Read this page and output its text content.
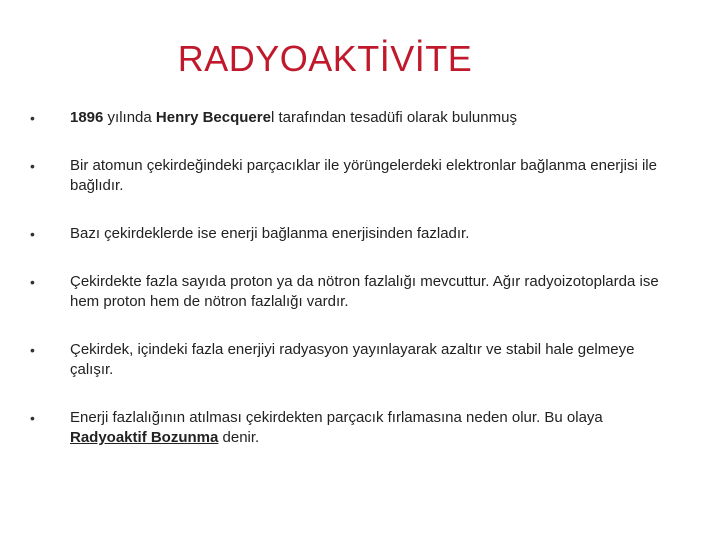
RADYOAKTİVİTE
•	1896 yılında Henry Becquerel tarafından tesadüfi olarak bulunmuş
•	Bir atomun çekirdeğindeki parçacıklar ile yörüngelerdeki elektronlar bağlanma enerjisi ile bağlıdır.
•	Bazı çekirdeklerde ise enerji bağlanma enerjisinden fazladır.
•	Çekirdekte fazla sayıda proton ya da nötron fazlalığı mevcuttur. Ağır radyoizotoplarda ise hem proton hem de nötron fazlalığı vardır.
•	Çekirdek, içindeki fazla enerjiyi radyasyon yayınlayarak azaltır ve stabil hale gelmeye çalışır.
•	Enerji fazlalığının atılması çekirdekten parçacık fırlamasına neden olur. Bu olaya Radyoaktif Bozunma denir.
